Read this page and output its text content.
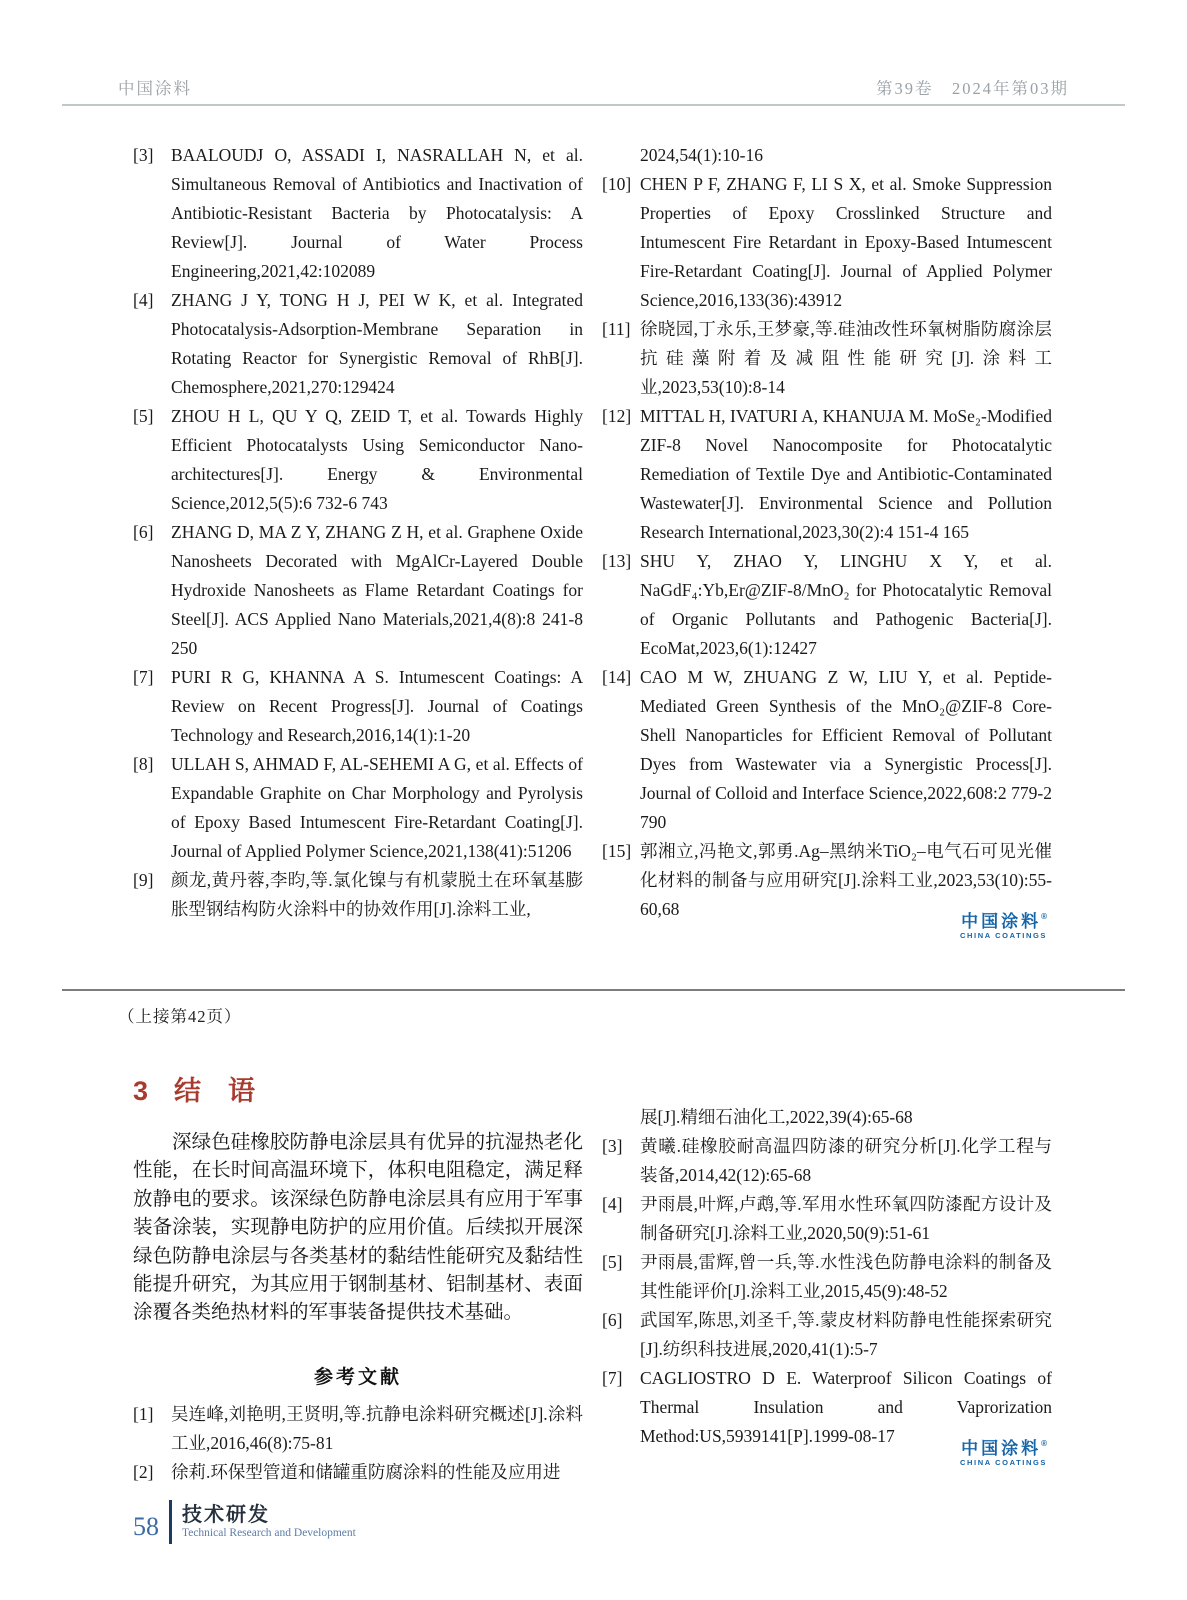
中国涂料	第39卷　2024年第03期
[3] BAALOUDJ O, ASSADI I, NASRALLAH N, et al. Simultaneous Removal of Antibiotics and Inactivation of Antibiotic-Resistant Bacteria by Photocatalysis: A Review[J]. Journal of Water Process Engineering,2021,42:102089
[4] ZHANG J Y, TONG H J, PEI W K, et al. Integrated Photocatalysis-Adsorption-Membrane Separation in Rotating Reactor for Synergistic Removal of RhB[J]. Chemosphere,2021,270:129424
[5] ZHOU H L, QU Y Q, ZEID T, et al. Towards Highly Efficient Photocatalysts Using Semiconductor Nano-architectures[J]. Energy & Environmental Science,2012,5(5):6 732-6 743
[6] ZHANG D, MA Z Y, ZHANG Z H, et al. Graphene Oxide Nanosheets Decorated with MgAlCr-Layered Double Hydroxide Nanosheets as Flame Retardant Coatings for Steel[J]. ACS Applied Nano Materials,2021,4(8):8 241-8 250
[7] PURI R G, KHANNA A S. Intumescent Coatings: A Review on Recent Progress[J]. Journal of Coatings Technology and Research,2016,14(1):1-20
[8] ULLAH S, AHMAD F, AL-SEHEMI A G, et al. Effects of Expandable Graphite on Char Morphology and Pyrolysis of Epoxy Based Intumescent Fire-Retardant Coating[J]. Journal of Applied Polymer Science,2021,138(41):51206
[9] 颜龙,黄丹蓉,李昀,等.氯化镍与有机蒙脱土在环氧基膨胀型钢结构防火涂料中的协效作用[J].涂料工业,
2024,54(1):10-16
[10] CHEN P F, ZHANG F, LI S X, et al. Smoke Suppression Properties of Epoxy Crosslinked Structure and Intumescent Fire Retardant in Epoxy-Based Intumescent Fire-Retardant Coating[J]. Journal of Applied Polymer Science,2016,133(36):43912
[11] 徐晓园,丁永乐,王梦豪,等.硅油改性环氧树脂防腐涂层抗硅藻附着及减阻性能研究[J].涂料工业,2023,53(10):8-14
[12] MITTAL H, IVATURI A, KHANUJA M. MoSe₂-Modified ZIF-8 Novel Nanocomposite for Photocatalytic Remediation of Textile Dye and Antibiotic-Contaminated Wastewater[J]. Environmental Science and Pollution Research International,2023,30(2):4 151-4 165
[13] SHU Y, ZHAO Y, LINGHU X Y, et al. NaGdF₄:Yb,Er@ZIF-8/MnO₂ for Photocatalytic Removal of Organic Pollutants and Pathogenic Bacteria[J]. EcoMat,2023,6(1):12427
[14] CAO M W, ZHUANG Z W, LIU Y, et al. Peptide-Mediated Green Synthesis of the MnO₂@ZIF-8 Core-Shell Nanoparticles for Efficient Removal of Pollutant Dyes from Wastewater via a Synergistic Process[J]. Journal of Colloid and Interface Science,2022,608:2 779-2 790
[15] 郭湘立,冯艳文,郭勇.Ag–黑纳米TiO₂–电气石可见光催化材料的制备与应用研究[J].涂料工业,2023,53(10):55-60,68
中国涂料®
CHINA COATINGS
（上接第42页）
3 结　语

深绿色硅橡胶防静电涂层具有优异的抗湿热老化性能，在长时间高温环境下，体积电阻稳定，满足释放静电的要求。该深绿色防静电涂层具有应用于军事装备涂装，实现静电防护的应用价值。后续拟开展深绿色防静电涂层与各类基材的黏结性能研究及黏结性能提升研究，为其应用于钢制基材、铝制基材、表面涂覆各类绝热材料的军事装备提供技术基础。

参考文献
[1] 吴连峰,刘艳明,王贤明,等.抗静电涂料研究概述[J].涂料工业,2016,46(8):75-81
[2] 徐莉.环保型管道和储罐重防腐涂料的性能及应用进
展[J].精细石油化工,2022,39(4):65-68
[3] 黄曦.硅橡胶耐高温四防漆的研究分析[J].化学工程与装备,2014,42(12):65-68
[4] 尹雨晨,叶辉,卢鹉,等.军用水性环氧四防漆配方设计及制备研究[J].涂料工业,2020,50(9):51-61
[5] 尹雨晨,雷辉,曾一兵,等.水性浅色防静电涂料的制备及其性能评价[J].涂料工业,2015,45(9):48-52
[6] 武国军,陈思,刘圣千,等.蒙皮材料防静电性能探索研究[J].纺织科技进展,2020,41(1):5-7
[7] CAGLIOSTRO D E. Waterproof Silicon Coatings of Thermal Insulation and Vaprorization Method:US,5939141[P].1999-08-17
中国涂料®
CHINA COATINGS
58 技术研发
Technical Research and Development
